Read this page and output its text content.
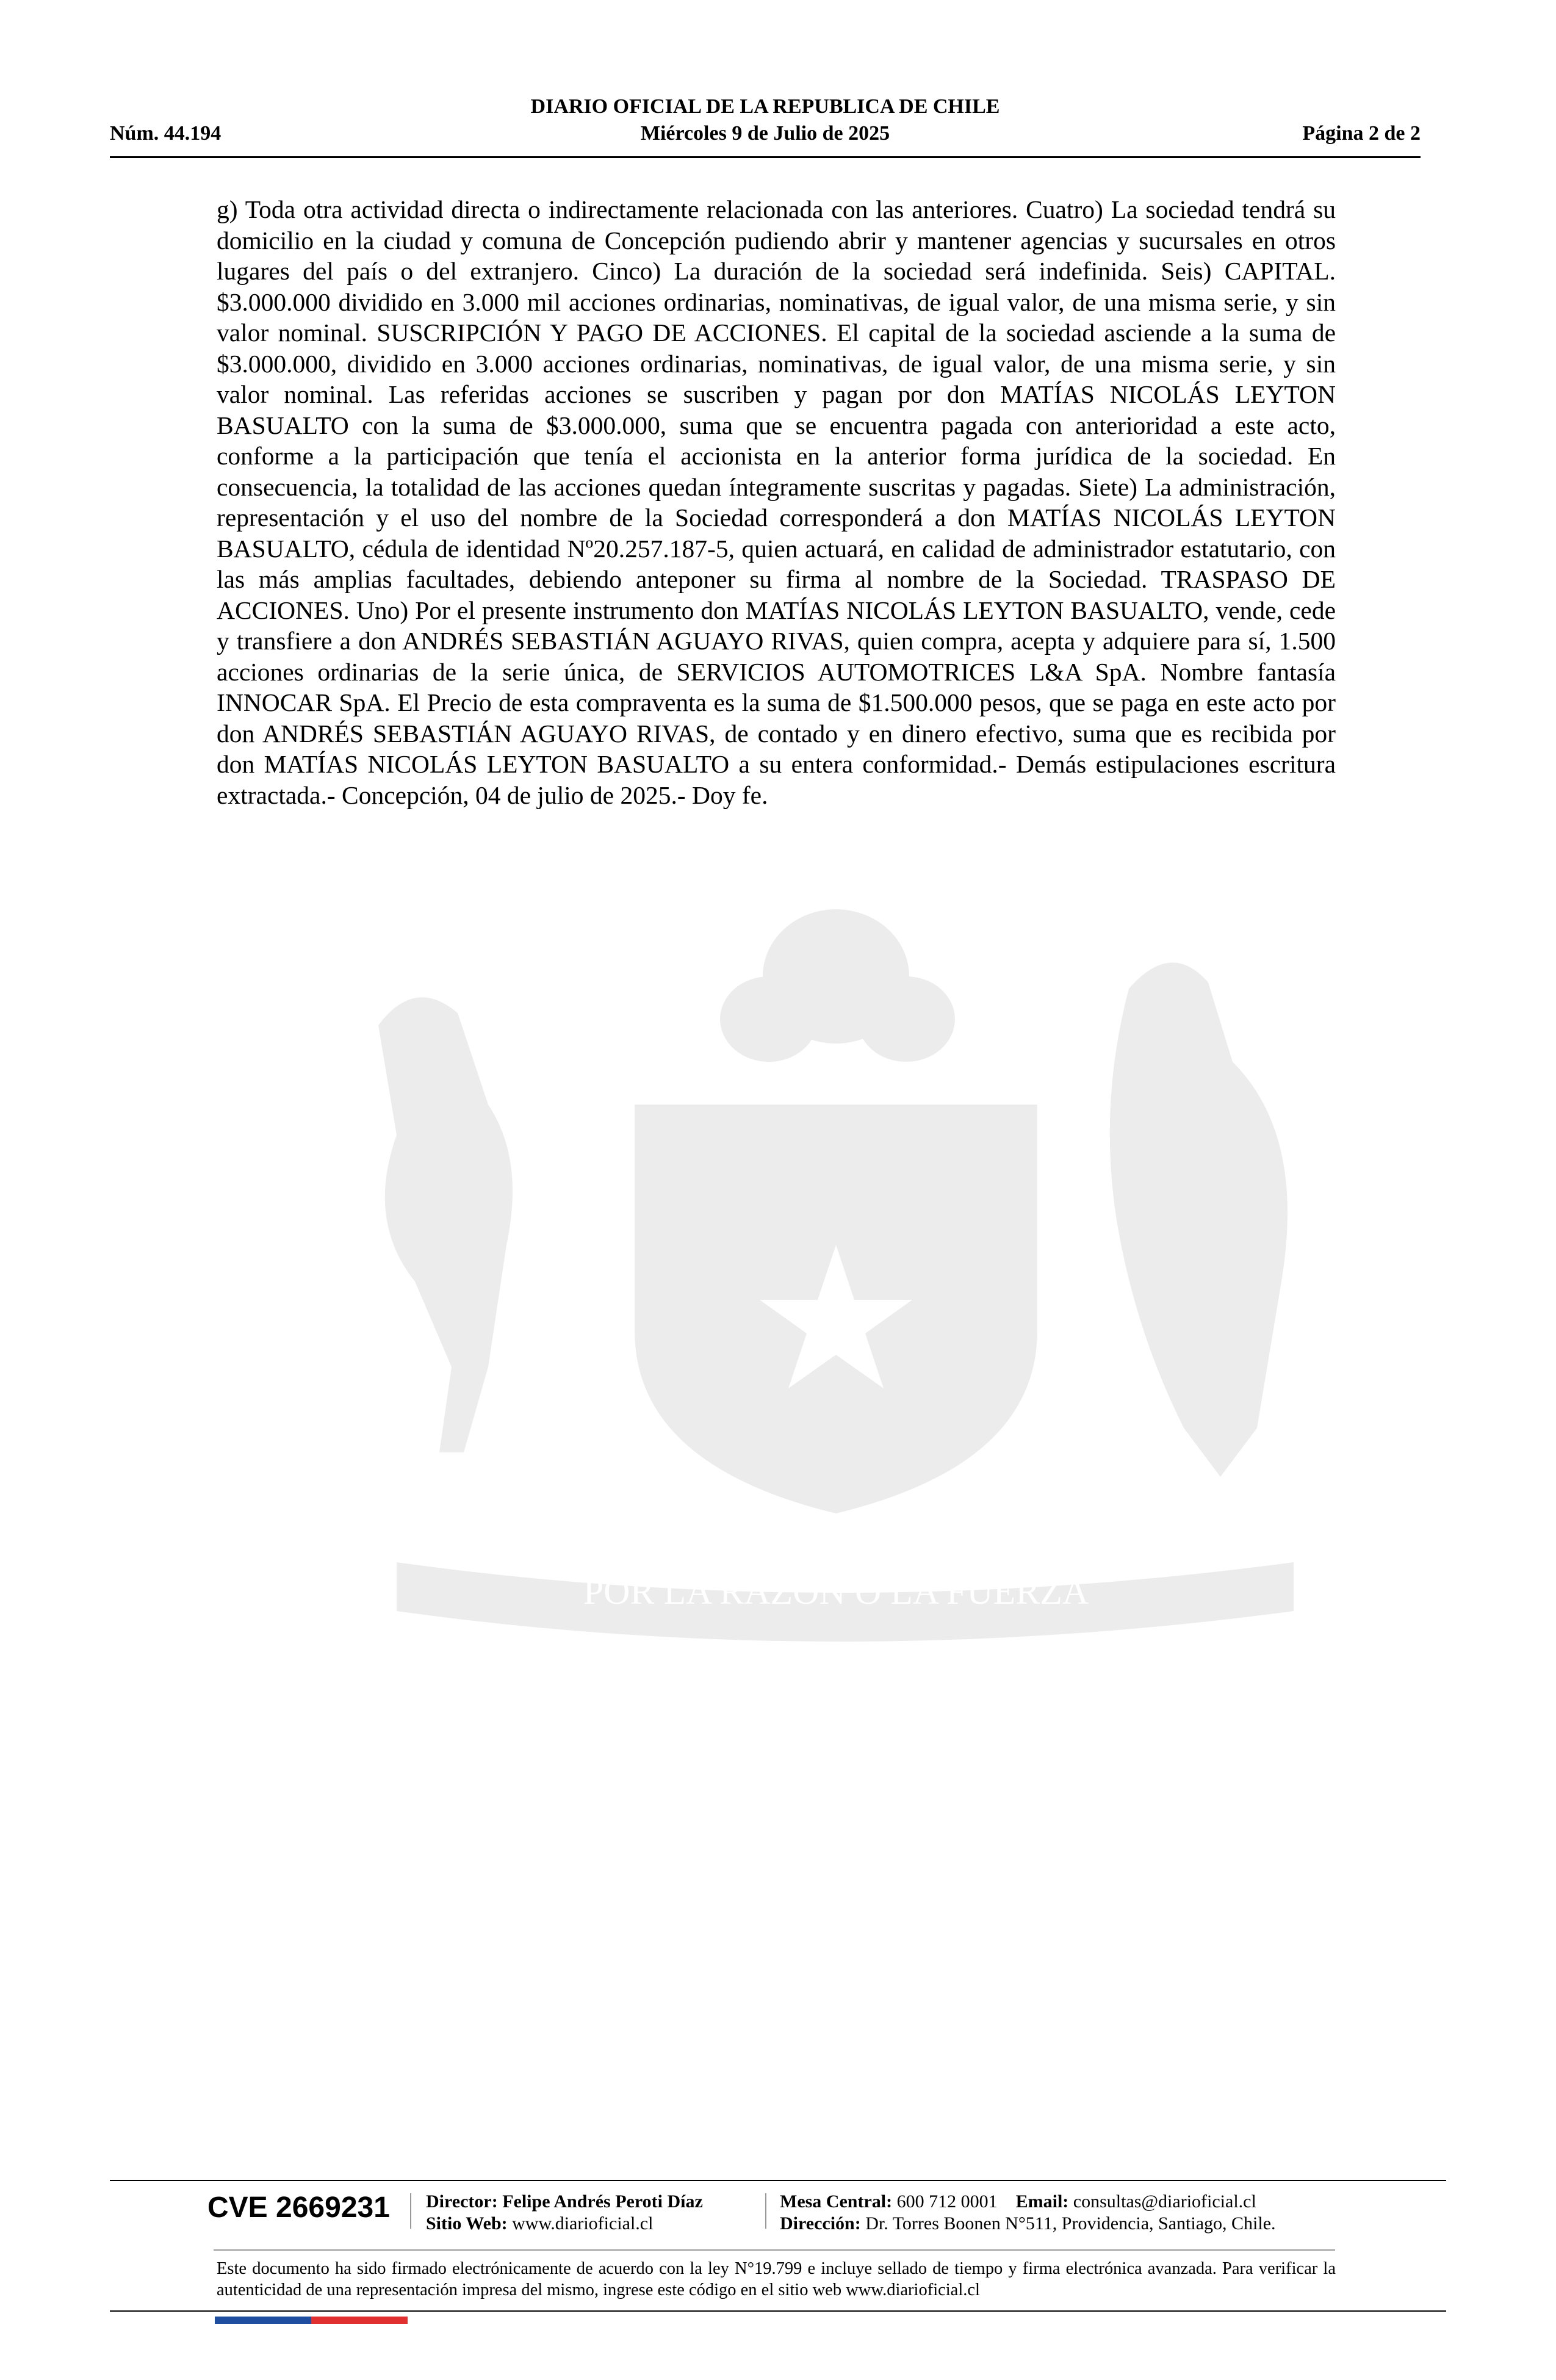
DIARIO OFICIAL DE LA REPUBLICA DE CHILE
Núm. 44.194	Miércoles 9 de Julio de 2025	Página 2 de 2
POR LA RAZON O LA FUERZA

g) Toda otra actividad directa o indirectamente relacionada con las anteriores. Cuatro) La sociedad tendrá su domicilio en la ciudad y comuna de Concepción pudiendo abrir y mantener agencias y sucursales en otros lugares del país o del extranjero. Cinco) La duración de la sociedad será indefinida. Seis) CAPITAL. $3.000.000 dividido en 3.000 mil acciones ordinarias, nominativas, de igual valor, de una misma serie, y sin valor nominal. SUSCRIPCIÓN Y PAGO DE ACCIONES. El capital de la sociedad asciende a la suma de $3.000.000, dividido en 3.000 acciones ordinarias, nominativas, de igual valor, de una misma serie, y sin valor nominal. Las referidas acciones se suscriben y pagan por don MATÍAS NICOLÁS LEYTON BASUALTO con la suma de $3.000.000, suma que se encuentra pagada con anterioridad a este acto, conforme a la participación que tenía el accionista en la anterior forma jurídica de la sociedad. En consecuencia, la totalidad de las acciones quedan íntegramente suscritas y pagadas. Siete) La administración, representación y el uso del nombre de la Sociedad corresponderá a don MATÍAS NICOLÁS LEYTON BASUALTO, cédula de identidad Nº20.257.187-5, quien actuará, en calidad de administrador estatutario, con las más amplias facultades, debiendo anteponer su firma al nombre de la Sociedad. TRASPASO DE ACCIONES. Uno) Por el presente instrumento don MATÍAS NICOLÁS LEYTON BASUALTO, vende, cede y transfiere a don ANDRÉS SEBASTIÁN AGUAYO RIVAS, quien compra, acepta y adquiere para sí, 1.500 acciones ordinarias de la serie única, de SERVICIOS AUTOMOTRICES L&A SpA. Nombre fantasía INNOCAR SpA. El Precio de esta compraventa es la suma de $1.500.000 pesos, que se paga en este acto por don ANDRÉS SEBASTIÁN AGUAYO RIVAS, de contado y en dinero efectivo, suma que es recibida por don MATÍAS NICOLÁS LEYTON BASUALTO a su entera conformidad.- Demás estipulaciones escritura extractada.- Concepción, 04 de julio de 2025.- Doy fe.

CVE 2669231 Director: Felipe Andrés Peroti Díaz
Sitio Web: www.diarioficial.cl
Mesa Central: 600 712 0001 Email: consultas@diarioficial.cl
Dirección: Dr. Torres Boonen N°511, Providencia, Santiago, Chile.

Este documento ha sido firmado electrónicamente de acuerdo con la ley N°19.799 e incluye sellado de tiempo y firma electrónica avanzada. Para verificar la autenticidad de una representación impresa del mismo, ingrese este código en el sitio web www.diarioficial.cl
